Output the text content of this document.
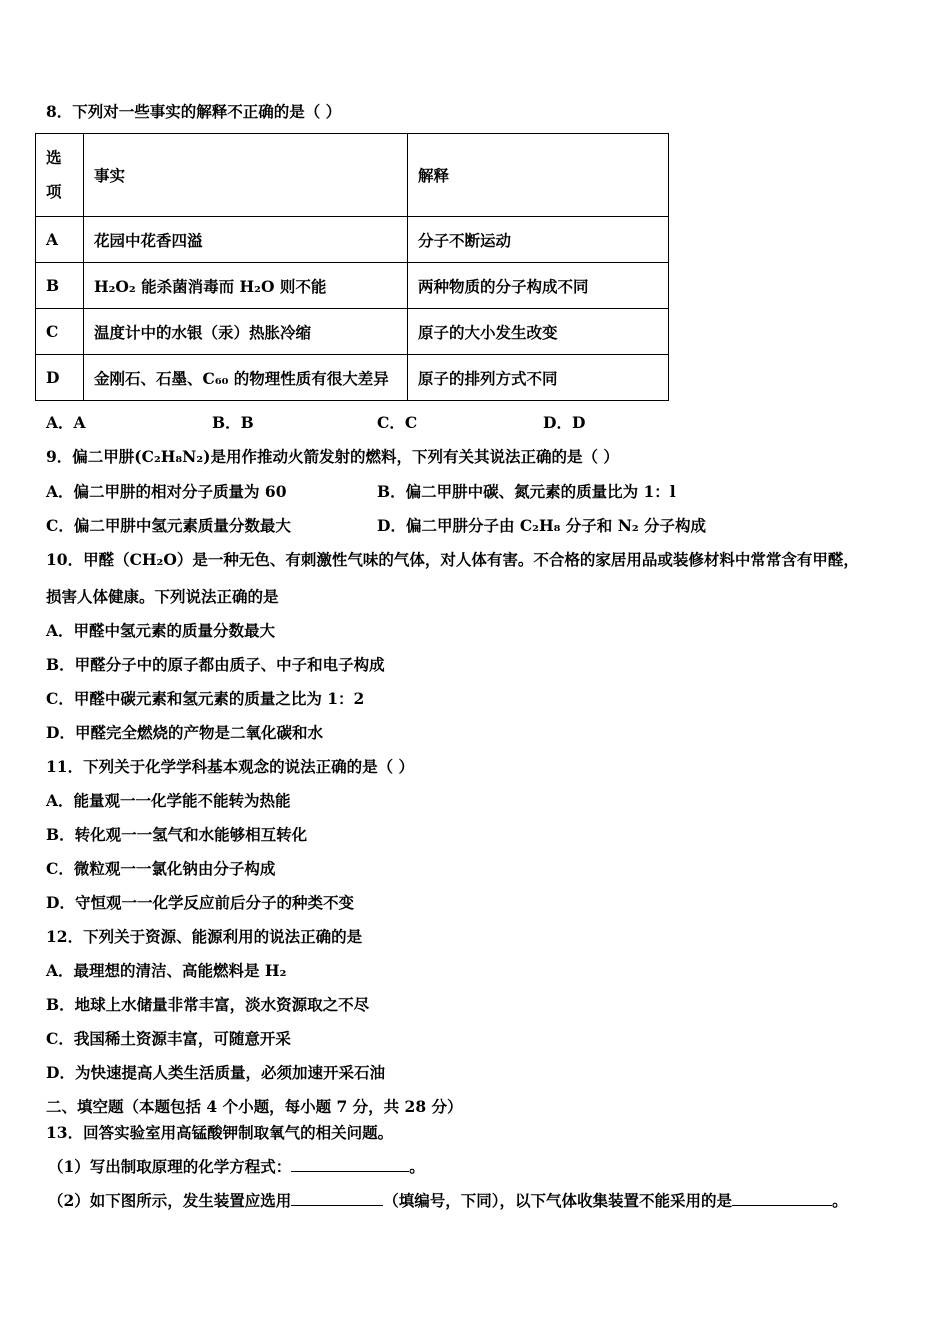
8．下列对一些事实的解释不正确的是（ ）
选
项	事实	解释
A	花园中花香四溢	分子不断运动
B	H₂O₂ 能杀菌消毒而 H₂O 则不能	两种物质的分子构成不同
C	温度计中的水银（汞）热胀冷缩	原子的大小发生改变
D	金刚石、石墨、C₆₀ 的物理性质有很大差异	原子的排列方式不同
A．A	B．B	C．C	D．D
9．偏二甲肼(C₂H₈N₂)是用作推动火箭发射的燃料，下列有关其说法正确的是（ ）
A．偏二甲肼的相对分子质量为 60	B．偏二甲肼中碳、氮元素的质量比为 1：l
C．偏二甲肼中氢元素质量分数最大	D．偏二甲肼分子由 C₂H₈ 分子和 N₂ 分子构成
10．甲醛（CH₂O）是一种无色、有刺激性气味的气体，对人体有害。不合格的家居用品或装修材料中常常含有甲醛，
损害人体健康。下列说法正确的是
A．甲醛中氢元素的质量分数最大
B．甲醛分子中的原子都由质子、中子和电子构成
C．甲醛中碳元素和氢元素的质量之比为 1：2
D．甲醛完全燃烧的产物是二氧化碳和水
11．下列关于化学学科基本观念的说法正确的是（ ）
A．能量观一一化学能不能转为热能
B．转化观一一氢气和水能够相互转化
C．微粒观一一氯化钠由分子构成
D．守恒观一一化学反应前后分子的种类不变
12．下列关于资源、能源利用的说法正确的是
A．最理想的清洁、高能燃料是 H₂
B．地球上水储量非常丰富，淡水资源取之不尽
C．我国稀土资源丰富，可随意开采
D．为快速提高人类生活质量，必须加速开采石油
二、填空题（本题包括 4 个小题，每小题 7 分，共 28 分）
13．回答实验室用高锰酸钾制取氧气的相关问题。
（1）写出制取原理的化学方程式：	。
（2）如下图所示，发生装置应选用	（填编号，下同），以下气体收集装置不能采用的是	。
